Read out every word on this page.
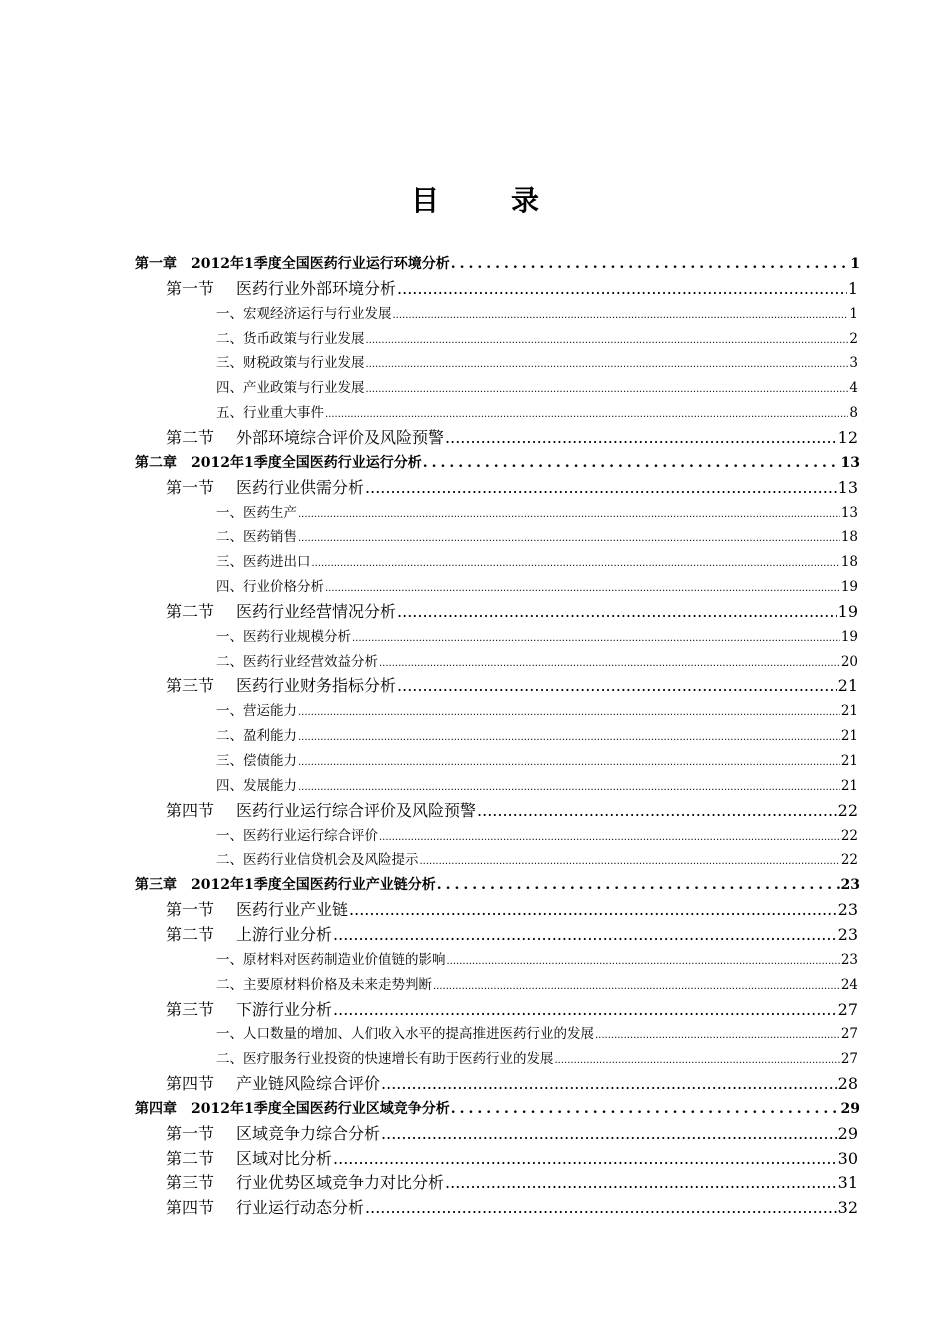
目　录
第一章 2012年1季度全国医药行业运行环境分析 .....	1
第一节 医药行业外部环境分析 .....	1
一、宏观经济运行与行业发展 .....	1
二、货币政策与行业发展 .....	2
三、财税政策与行业发展 .....	3
四、产业政策与行业发展 .....	4
五、行业重大事件 .....	8
第二节 外部环境综合评价及风险预警 .....	12
第二章 2012年1季度全国医药行业运行分析 .....	13
第一节 医药行业供需分析 .....	13
一、医药生产 .....	13
二、医药销售 .....	18
三、医药进出口 .....	18
四、行业价格分析 .....	19
第二节 医药行业经营情况分析 .....	19
一、医药行业规模分析 .....	19
二、医药行业经营效益分析 .....	20
第三节 医药行业财务指标分析 .....	21
一、营运能力 .....	21
二、盈利能力 .....	21
三、偿债能力 .....	21
四、发展能力 .....	21
第四节 医药行业运行综合评价及风险预警 .....	22
一、医药行业运行综合评价 .....	22
二、医药行业信贷机会及风险提示 .....	22
第三章 2012年1季度全国医药行业产业链分析 .....	23
第一节 医药行业产业链 .....	23
第二节 上游行业分析 .....	23
一、原材料对医药制造业价值链的影响 .....	23
二、主要原材料价格及未来走势判断 .....	24
第三节 下游行业分析 .....	27
一、人口数量的增加、人们收入水平的提高推进医药行业的发展 .....	27
二、医疗服务行业投资的快速增长有助于医药行业的发展 .....	27
第四节 产业链风险综合评价 .....	28
第四章 2012年1季度全国医药行业区域竞争分析 .....	29
第一节 区域竞争力综合分析 .....	29
第二节 区域对比分析 .....	30
第三节 行业优势区域竞争力对比分析 .....	31
第四节 行业运行动态分析 .....	32
